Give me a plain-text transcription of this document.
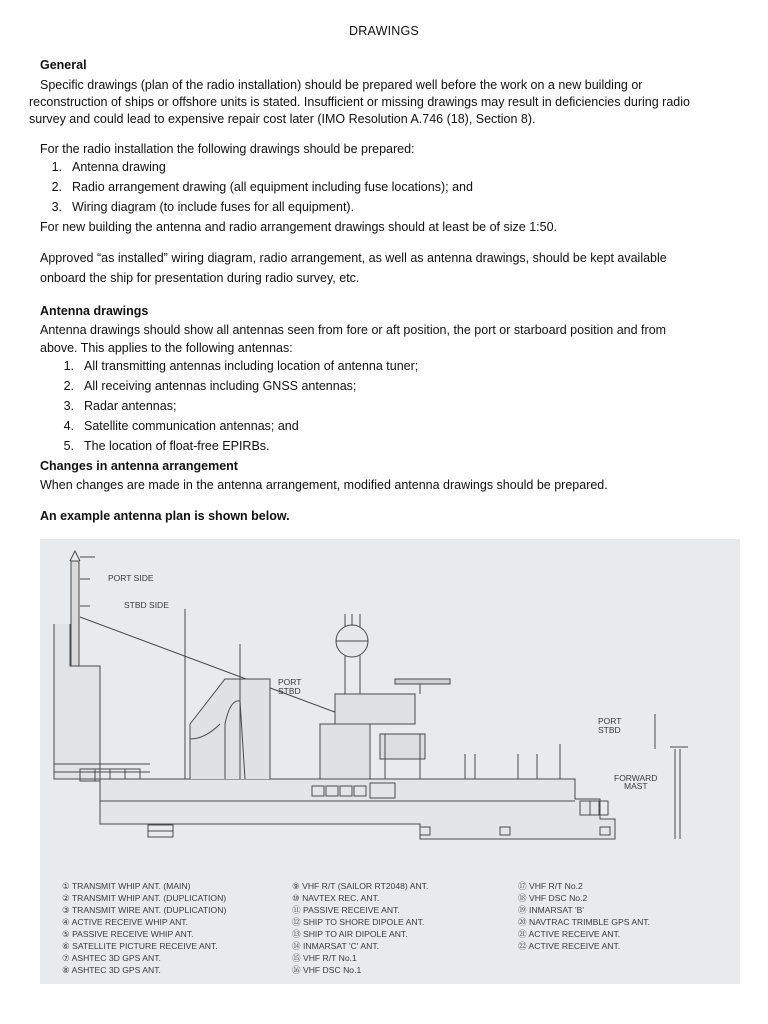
DRAWINGS
General
Specific drawings (plan of the radio installation) should be prepared well before the work on a new building or
reconstruction of ships or offshore units is stated. Insufficient or missing drawings may result in deficiencies during radio
survey and could lead to expensive repair cost later (IMO Resolution A.746 (18), Section 8).
For the radio installation the following drawings should be prepared:
1. Antenna drawing
2. Radio arrangement drawing (all equipment including fuse locations); and
3. Wiring diagram (to include fuses for all equipment).
For new building the antenna and radio arrangement drawings should at least be of size 1:50.
Approved “as installed” wiring diagram, radio arrangement, as well as antenna drawings, should be kept available
onboard the ship for presentation during radio survey, etc.
Antenna drawings
Antenna drawings should show all antennas seen from fore or aft position, the port or starboard position and from
above. This applies to the following antennas:
1. All transmitting antennas including location of antenna tuner;
2. All receiving antennas including GNSS antennas;
3. Radar antennas;
4. Satellite communication antennas; and
5. The location of float-free EPIRBs.
Changes in antenna arrangement
When changes are made in the antenna arrangement, modified antenna drawings should be prepared.
An example antenna plan is shown below.
PORT SIDE
STBD SIDE
PORT
STBD
PORT
STBD
FORWARD
MAST
① TRANSMIT WHIP ANT. (MAIN)
② TRANSMIT WHIP ANT. (DUPLICATION)
③ TRANSMIT WIRE ANT. (DUPLICATION)
④ ACTIVE RECEIVE WHIP ANT.
⑤ PASSIVE RECEIVE WHIP ANT.
⑥ SATELLITE PICTURE RECEIVE ANT.
⑦ ASHTEC 3D GPS ANT.
⑧ ASHTEC 3D GPS ANT.
⑨ VHF R/T (SAILOR RT2048) ANT.
⑩ NAVTEX REC. ANT.
⑪ PASSIVE RECEIVE ANT.
⑫ SHIP TO SHORE DIPOLE ANT.
⑬ SHIP TO AIR DIPOLE ANT.
⑭ INMARSAT 'C' ANT.
⑮ VHF R/T No.1
⑯ VHF DSC No.1
⑰ VHF R/T No.2
⑱ VHF DSC No.2
⑲ INMARSAT 'B'
⑳ NAVTRAC TRIMBLE GPS ANT.
㉑ ACTIVE RECEIVE ANT.
㉒ ACTIVE RECEIVE ANT.
